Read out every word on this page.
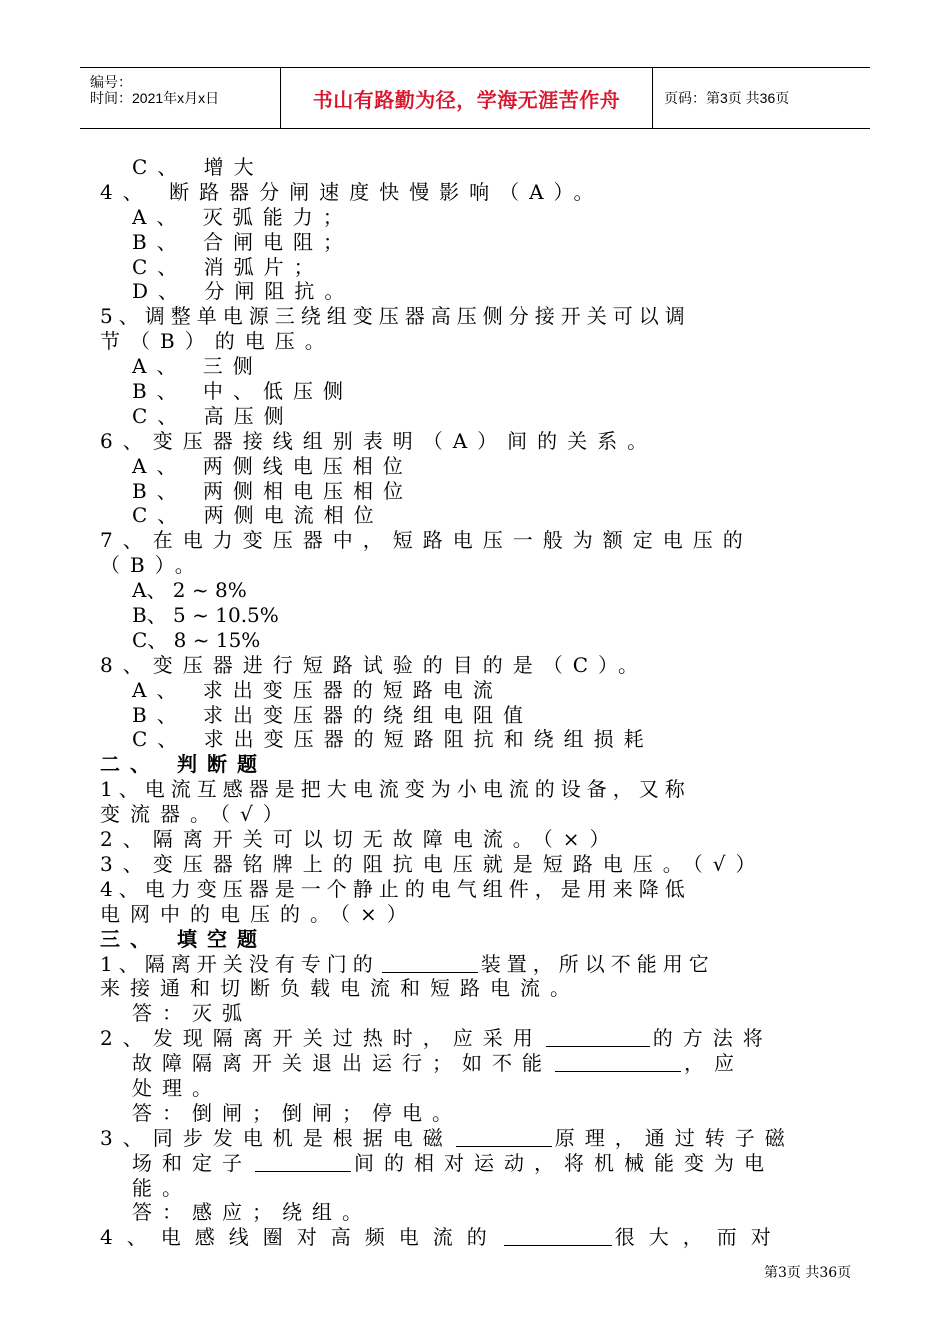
编号：
时间：2021年x月x日	书山有路勤为径，学海无涯苦作舟	页码：第3页 共36页
C、 增大
4、 断路器分闸速度快慢影响（A）。
A、 灭弧能力；
B、 合闸电阻；
C、 消弧片；
D、 分闸阻抗。
5、调整单电源三绕组变压器高压侧分接开关可以调
节（B）的电压。
A、 三侧
B、 中、低压侧
C、 高压侧
6、变压器接线组别表明（A）间的关系。
A、 两侧线电压相位
B、 两侧相电压相位
C、 两侧电流相位
7、在电力变压器中，短路电压一般为额定电压的
（B）。
A、 2 ~ 8%
B、 5 ~ 10.5%
C、 8 ~ 15%
8、变压器进行短路试验的目的是（C）。
A、 求出变压器的短路电流
B、 求出变压器的绕组电阻值
C、 求出变压器的短路阻抗和绕组损耗
二、 判断题
1、电流互感器是把大电流变为小电流的设备，又称
变流器。（√）
2、隔离开关可以切无故障电流。（×）
3、变压器铭牌上的阻抗电压就是短路电压。（√）
4、电力变压器是一个静止的电气组件，是用来降低
电网中的电压的。（×）
三、 填空题
1、隔离开关没有专门的	装置，所以不能用它
来接通和切断负载电流和短路电流。
答：灭弧
2、发现隔离开关过热时，应采用	的方法将
故障隔离开关退出运行；如不能	，应
处理。
答：倒闸；倒闸；停电。
3、同步发电机是根据电磁	原理，通过转子磁
场和定子	间的相对运动，将机械能变为电
能。
答：感应；绕组。
4、电感线圈对高频电流的	很大，而对
第3页 共36页
